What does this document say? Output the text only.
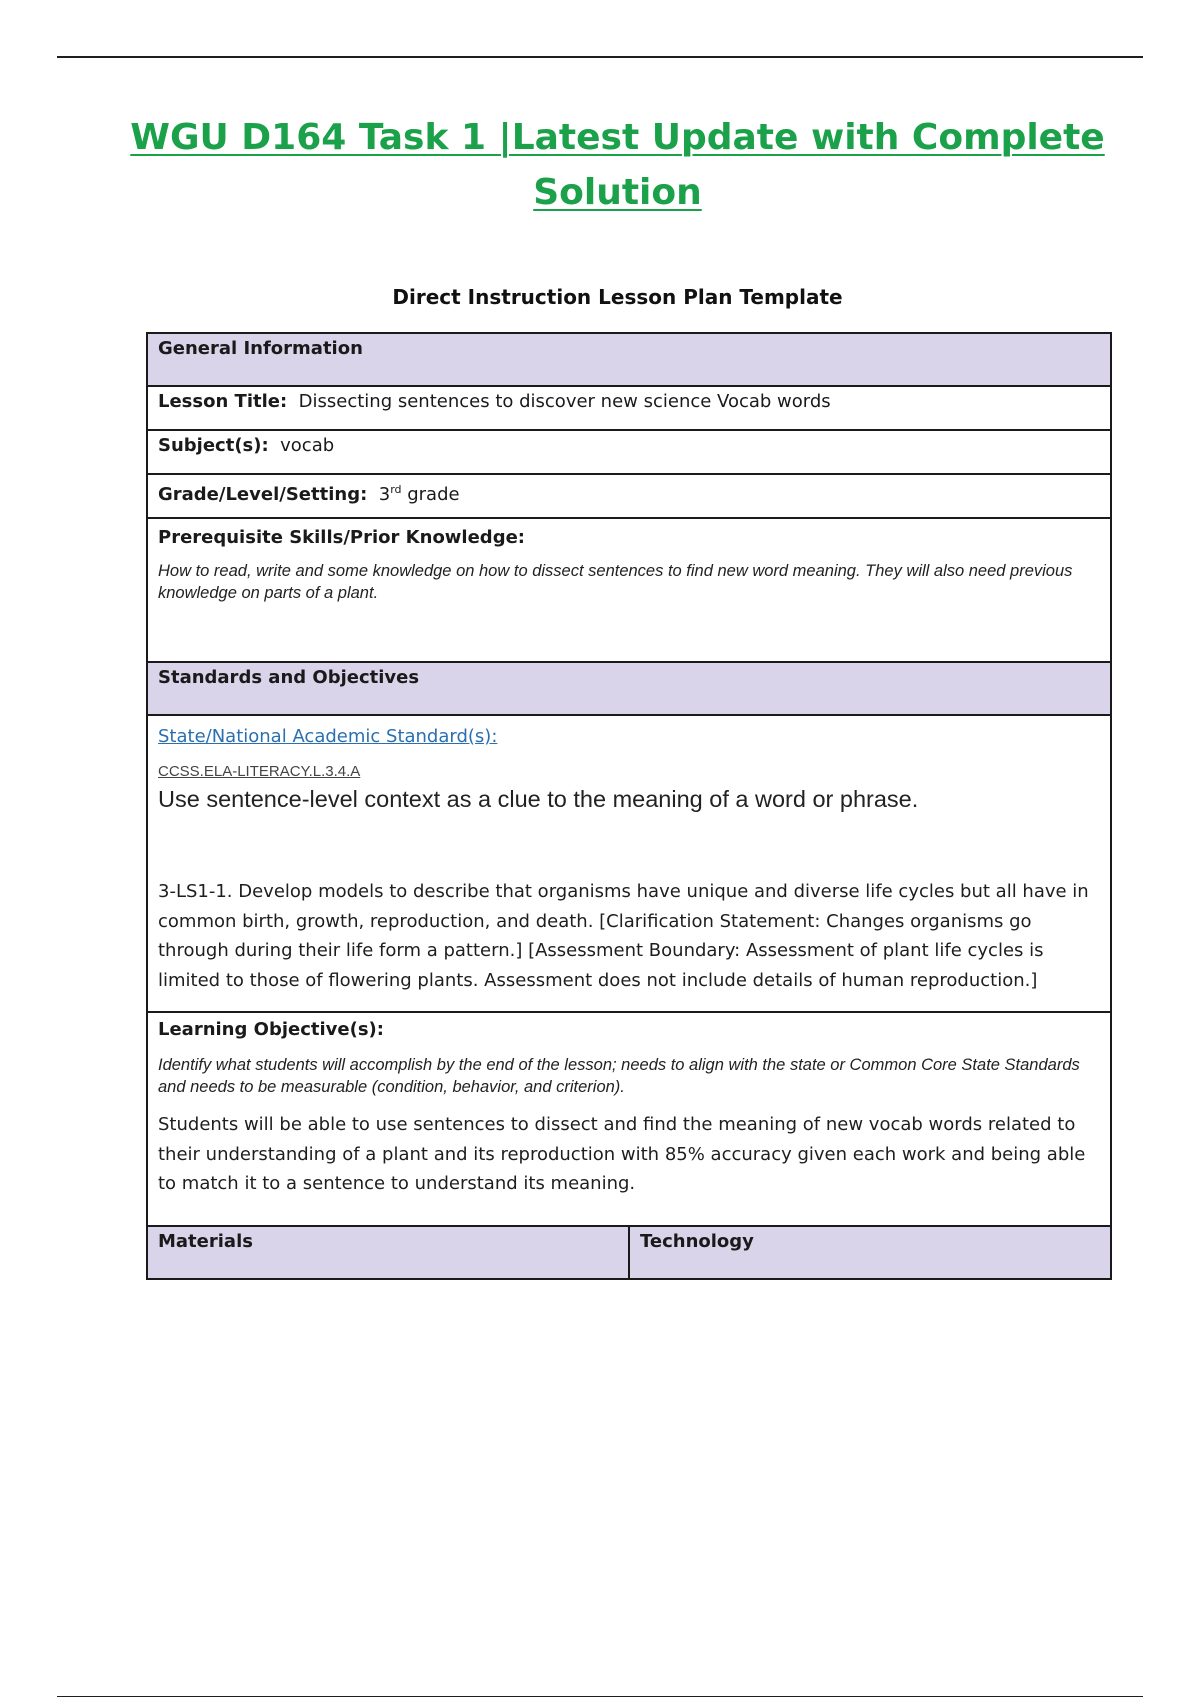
WGU D164 Task 1 |Latest Update with Complete
Solution
Direct Instruction Lesson Plan Template
General Information
Lesson Title: Dissecting sentences to discover new science Vocab words
Subject(s): vocab
Grade/Level/Setting: 3rd grade

Prerequisite Skills/Prior Knowledge:
How to read, write and some knowledge on how to dissect sentences to find new word meaning. They will also need previous knowledge on parts of a plant.

Standards and Objectives

State/National Academic Standard(s):
CCSS.ELA-LITERACY.L.3.4.A
Use sentence-level context as a clue to the meaning of a word or phrase.
3-LS1-1. Develop models to describe that organisms have unique and diverse life cycles but all have in common birth, growth, reproduction, and death. [Clarification Statement: Changes organisms go through during their life form a pattern.] [Assessment Boundary: Assessment of plant life cycles is limited to those of flowering plants. Assessment does not include details of human reproduction.]

Learning Objective(s):
Identify what students will accomplish by the end of the lesson; needs to align with the state or Common Core State Standards and needs to be measurable (condition, behavior, and criterion).
Students will be able to use sentences to dissect and find the meaning of new vocab words related to their understanding of a plant and its reproduction with 85% accuracy given each work and being able to match it to a sentence to understand its meaning.

Materials	Technology
